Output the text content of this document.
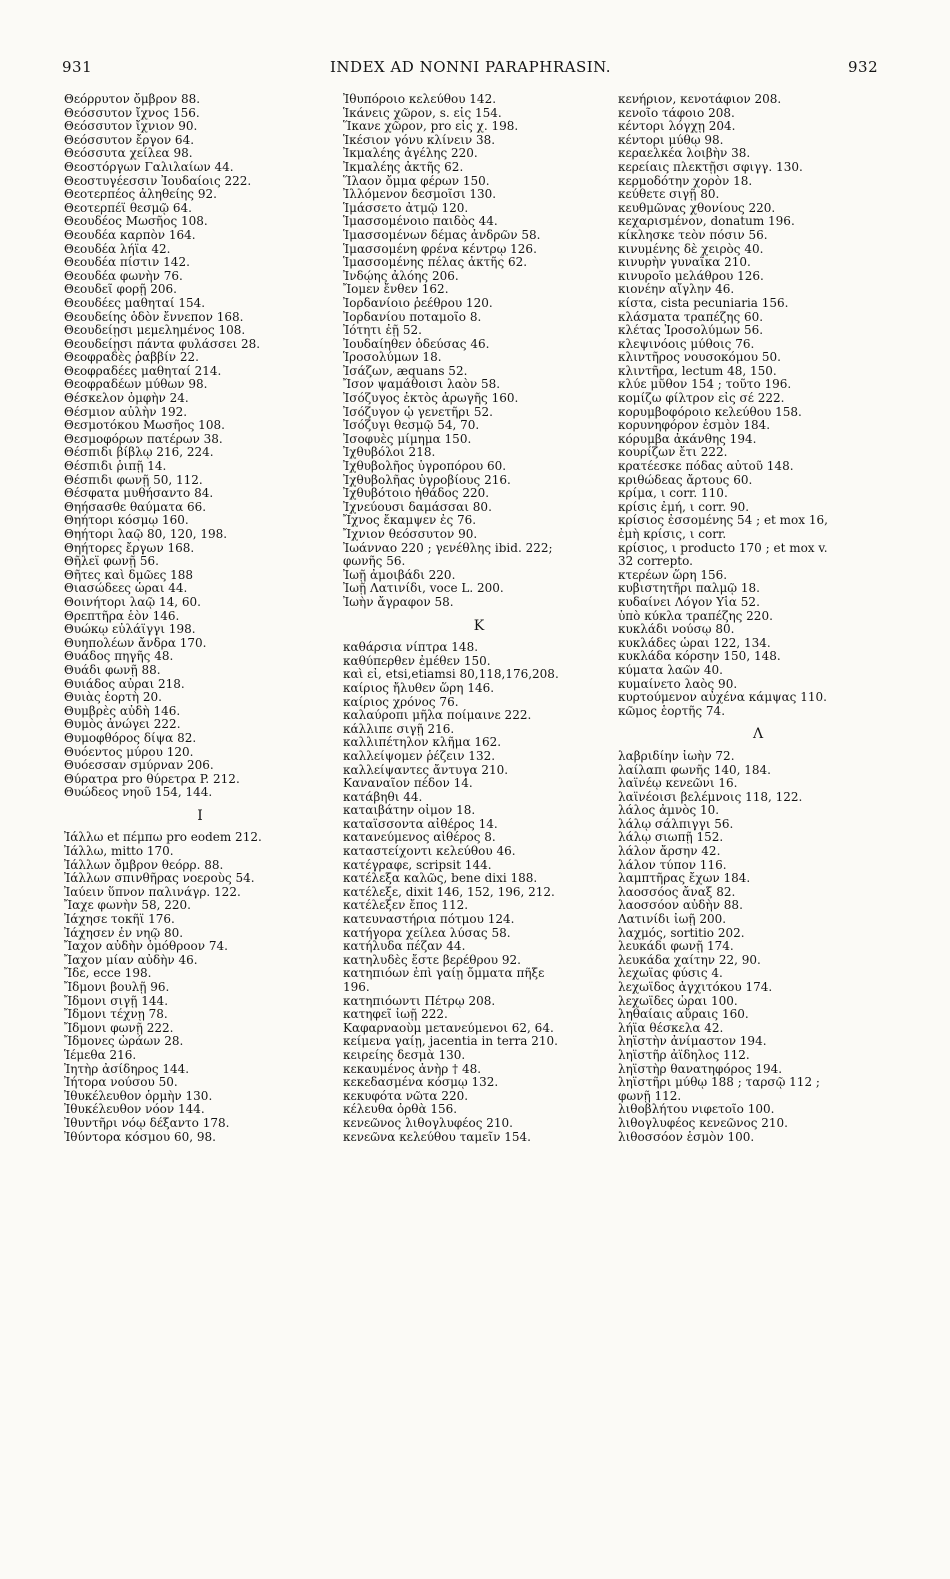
931	INDEX AD NONNI PARAPHRASIN.	932
Θεόρρυτον ὄμβρον 88.
Θεόσσυτον ἴχνος 156.
Θεόσσυτον ἴχνιον 90.
Θεόσσυτον ἔργον 64.
Θεόσσυτα χείλεα 98.
Θεοστόργων Γαλιλαίων 44.
Θεοστυγέεσσιν Ἰουδαίοις 222.
Θεοτερπέος ἀληθείης 92.
Θεοτερπέϊ θεσμῷ 64.
Θεουδέος Μωσῆος 108.
Θεουδέα καρπὸν 164.
Θεουδέα λήϊα 42.
Θεουδέα πίστιν 142.
Θεουδέα φωνὴν 76.
Θεουδεῖ φορῇ 206.
Θεουδέες μαθηταί 154.
Θεουδείης ὁδὸν ἔννεπον 168.
Θεουδείῃσι μεμελημένος 108.
Θεουδείῃσι πάντα φυλάσσει 28.
Θεοφραδὲς ῥαββίν 22.
Θεοφραδέες μαθηταί 214.
Θεοφραδέων μύθων 98.
Θέσκελον ὀμφὴν 24.
Θέσμιον αὐλὴν 192.
Θεσμοτόκου Μωσῆος 108.
Θεσμοφόρων πατέρων 38.
Θέσπιδι βίβλῳ 216, 224.
Θέσπιδι ῥιπῇ 14.
Θέσπιδι φωνῇ 50, 112.
Θέσφατα μυθήσαντο 84.
Θηήσασθε θαύματα 66.
Θηήτορι κόσμῳ 160.
Θηήτορι λαῷ 80, 120, 198.
Θηήτορες ἔργων 168.
Θῆλεϊ φωνῇ 56.
Θῆτες καὶ δμῶες 188
Θιασώδεες ὧραι 44.
Θοινήτορι λαῷ 14, 60.
Θρεπτῆρα ἑὸν 146.
Θυώκῳ εὐλάϊγγι 198.
Θυηπολέων ἄνδρα 170.
Θυάδος πηγῆς 48.
Θυάδι φωνῇ 88.
Θυιάδος αὖραι 218.
Θυιὰς ἑορτὴ 20.
Θυμβρὲς αὐδὴ 146.
Θυμὸς ἀνώγει 222.
Θυμοφθόρος δίψα 82.
Θυόεντος μύρου 120.
Θυόεσσαν σμύρναν 206.
Θύρατρα pro θύρετρα P. 212.
Θυώδεος νηοῦ 154, 144.
I
Ἰάλλω et πέμπω pro eodem 212.
Ἰάλλω, mitto 170.
Ἰάλλων ὄμβρον θεόρρ. 88.
Ἰάλλων σπινθῆρας νοεροὺς 54.
Ἰαύειν ὕπνον παλινάγρ. 122.
Ἴαχε φωνὴν 58, 220.
Ἰάχησε τοκῆϊ 176.
Ἰάχησεν ἐν νηῷ 80.
Ἴαχον αὐδὴν ὁμόθροον 74.
Ἴαχον μίαν αὐδὴν 46.
Ἴδε, ecce 198.
Ἴδμονι βουλῇ 96.
Ἴδμονι σιγῇ 144.
Ἴδμονι τέχνῃ 78.
Ἴδμονι φωνῇ 222.
Ἴδμονες ὠράων 28.
Ἱέμεθα 216.
Ἰητὴρ ἀσίδηρος 144.
Ἰήτορα νούσου 50.
Ἰθυκέλευθον ὁρμὴν 130.
Ἰθυκέλευθον νόον 144.
Ἰθυντῆρι νόῳ δέξαντο 178.
Ἰθύντορα κόσμου 60, 98.
Ἰθυπόροιο κελεύθου 142.
Ἱκάνεις χῶρον, s. εἰς 154.
Ἵκανε χῶρον, pro εἰς χ. 198.
Ἱκέσιον γόνυ κλίνειν 38.
Ἰκμαλέης ἀγέλης 220.
Ἰκμαλέης ἀκτῆς 62.
Ἵλαον ὄμμα φέρων 150.
Ἰλλόμενον δεσμοῖσι 130.
Ἱμάσσετο ἀτμῷ 120.
Ἱμασσομένοιο παιδὸς 44.
Ἱμασσομένων δέμας ἀνδρῶν 58.
Ἱμασσομένη φρένα κέντρῳ 126.
Ἱμασσομένης πέλας ἀκτῆς 62.
Ἰνδῴης ἀλόης 206.
Ἴομεν ἔνθεν 162.
Ἰορδανίοιο ῥεέθρου 120.
Ἰορδανίου ποταμοῖο 8.
Ἰότητι ἐῇ 52.
Ἰουδαίηθεν ὁδεύσας 46.
Ἱροσολύμων 18.
Ἰσάζων, æquans 52.
Ἴσον ψαμάθοισι λαὸν 58.
Ἰσόζυγος ἐκτὸς ἀρωγῆς 160.
Ἰσόζυγον ᾧ γενετῆρι 52.
Ἰσόζυγι θεσμῷ 54, 70.
Ἰσοφυὲς μίμημα 150.
Ἰχθυβόλοι 218.
Ἰχθυβολῆος ὑγροπόρου 60.
Ἰχθυβολῆας ὑγροβίους 216.
Ἰχθυβότοιο ἠθάδος 220.
Ἰχνεύουσι δαμάσσαι 80.
Ἴχνος ἔκαμψεν ἐς 76.
Ἴχνιον θεόσσυτον 90.
Ἰωάνναο 220 ; γενέθλης ibid. 222;
φωνῆς 56.
Ἰωῇ ἀμοιβάδι 220.
Ἰωῇ Λατινίδι, voce L. 200.
Ἰωὴν ἄγραφον 58.
K
καθάρσια νίπτρα 148.
καθύπερθεν ἐμέθεν 150.
καὶ εἰ, etsi,etiamsi 80,118,176,208.
καίριος ἤλυθεν ὥρη 146.
καίριος χρόνος 76.
καλαύροπι μῆλα ποίμαινε 222.
κάλλιπε σιγῇ 216.
καλλιπέτηλον κλῆμα 162.
καλλείψομεν ῥέζειν 132.
καλλείψαντες ἄντυγα 210.
Καναναῖον πέδον 14.
κατάβηθι 44.
καταιβάτην οἶμον 18.
καταΐσσοντα αἰθέρος 14.
κατανεύμενος αἰθέρος 8.
καταστείχοντι κελεύθου 46.
κατέγραφε, scripsit 144.
κατέλεξα καλῶς, bene dixi 188.
κατέλεξε, dixit 146, 152, 196, 212.
κατέλεξεν ἔπος 112.
κατευναστήρια πότμου 124.
κατήγορα χείλεα λύσας 58.
κατήλυδα πέζαν 44.
κατηλυδὲς ἔστε βερέθρου 92.
κατηπιόων ἐπὶ γαίῃ ὄμματα πῆξε
196.
κατηπιόωντι Πέτρῳ 208.
κατηφεῖ ἰωῇ 222.
Καφαρναοὺμ μετανεύμενοι 62, 64.
κείμενα γαίῃ, jacentia in terra 210.
κειρείης δεσμὰ 130.
κεκαυμένος ἀνὴρ † 48.
κεκεδασμένα κόσμῳ 132.
κεκυφότα νῶτα 220.
κέλευθα ὀρθὰ 156.
κενεῶνος λιθογλυφέος 210.
κενεῶνα κελεύθου ταμεῖν 154.
κενήριον, κενοτάφιον 208.
κενοῖο τάφοιο 208.
κέντορι λόγχῃ 204.
κέντορι μύθῳ 98.
κεραελκέα λοιβὴν 38.
κερείαις πλεκτῇσι σφιγγ. 130.
κερμοδότην χορὸν 18.
κεύθετε σιγῇ 80.
κευθμῶνας χθονίους 220.
κεχαρισμένον, donatum 196.
κίκλησκε τεὸν πόσιν 56.
κινυμένης δὲ χειρὸς 40.
κινυρὴν γυναῖκα 210.
κινυροῖο μελάθρου 126.
κιονέην αἴγλην 46.
κίστα, cista pecuniaria 156.
κλάσματα τραπέζης 60.
κλέτας Ἱροσολύμων 56.
κλεψινόοις μύθοις 76.
κλιντῆρος νουσοκόμου 50.
κλιντῆρα, lectum 48, 150.
κλύε μῦθον 154 ; τοῦτο 196.
κομίζω φίλτρον εἰς σέ 222.
κορυμβοφόροιο κελεύθου 158.
κορυνηφόρον ἑσμὸν 184.
κόρυμβα ἀκάνθης 194.
κουρίζων ἔτι 222.
κρατέεσκε πόδας αὐτοῦ 148.
κριθώδεας ἄρτους 60.
κρίμα, ι corr. 110.
κρίσις ἐμή, ι corr. 90.
κρίσιος ἐσσομένης 54 ; et mox 16,
ἐμὴ κρίσις, ι corr.
κρίσιος, ι producto 170 ; et mox v.
32 correpto.
κτερέων ὥρη 156.
κυβιστητῆρι παλμῷ 18.
κυδαίνει Λόγον Υἷα 52.
ὑπὸ κύκλα τραπέζης 220.
κυκλάδι νούσῳ 80.
κυκλάδες ὧραι 122, 134.
κυκλάδα κόρσην 150, 148.
κύματα λαῶν 40.
κυμαίνετο λαὸς 90.
κυρτούμενον αὐχένα κάμψας 110.
κῶμος ἑορτῆς 74.
Λ
λαβριδίην ἰωὴν 72.
λαίλαπι φωνῆς 140, 184.
λαϊνέῳ κενεῶνι 16.
λαϊνέοισι βελέμνοις 118, 122.
λάλος ἀμνὸς 10.
λάλῳ σάλπιγγι 56.
λάλῳ σιωπῇ 152.
λάλον ἄρσην 42.
λάλον τύπον 116.
λαμπτῆρας ἔχων 184.
λαοσσόος ἄναξ 82.
λαοσσόον αὐδὴν 88.
Λατινίδι ἰωῇ 200.
λαχμός, sortitio 202.
λευκάδι φωνῇ 174.
λευκάδα χαίτην 22, 90.
λεχωΐας φύσις 4.
λεχωΐδος ἀγχιτόκου 174.
λεχωΐδες ὧραι 100.
ληθαίαις αὔραις 160.
λήϊα θέσκελα 42.
ληϊστὴν ἀνίμαστον 194.
ληϊστῆρ ἀΐδηλος 112.
ληϊστὴρ θανατηφόρος 194.
ληϊστῆρι μύθῳ 188 ; ταρσῷ 112 ;
φωνῇ 112.
λιθοβλήτου νιφετοῖο 100.
λιθογλυφέος κενεῶνος 210.
λιθοσσόον ἑσμὸν 100.
